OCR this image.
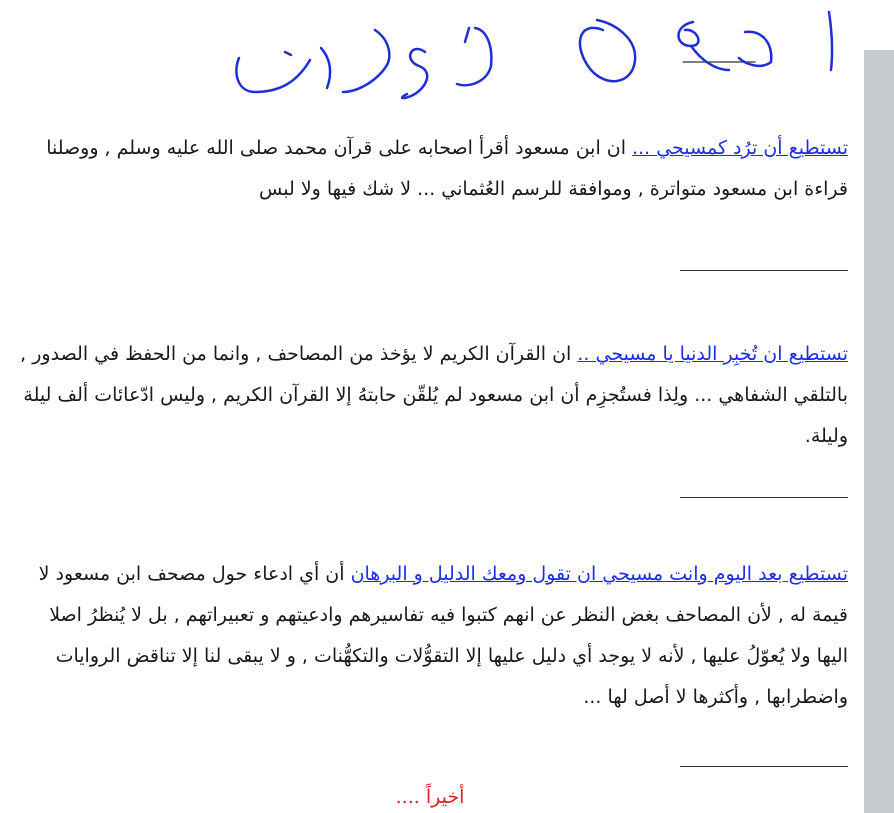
تستطيع أن ترُد كمسيحي ... ان ابن مسعود أقرأ اصحابه على قرآن محمد صلى الله عليه وسلم , ووصلنا قراءة ابن مسعود متواترة , وموافقة للرسم العُثماني ... لا شك فيها ولا لبس

تستطيع ان تُخبِر الدنيا يا مسيحي .. ان القرآن الكريم لا يؤخذ من المصاحف , وانما من الحفظ في الصدور , بالتلقي الشفاهي ... ولِذا فستُجزِم أن ابن مسعود لم يُلقّن حابتهُ إلا القرآن الكريم , وليس ادّعائات ألف ليلة وليلة.

تستطيع بعد اليوم وانت مسيحي ان تقول ومعك الدليل و البرهان أن أي ادعاء حول مصحف ابن مسعود لا قيمة له , لأن المصاحف بغض النظر عن انهم كتبوا فيه تفاسيرهم وادعيتهم و تعبيراتهم , بل لا يُنظرُ اصلا اليها ولا يُعوّلُ عليها , لأنه لا يوجد أي دليل عليها إلا التقوُّلات والتكهُّنات , و لا يبقى لنا إلا تناقض الروايات واضطرابها , وأكثرها لا أصل لها ...

أخيراً ....
